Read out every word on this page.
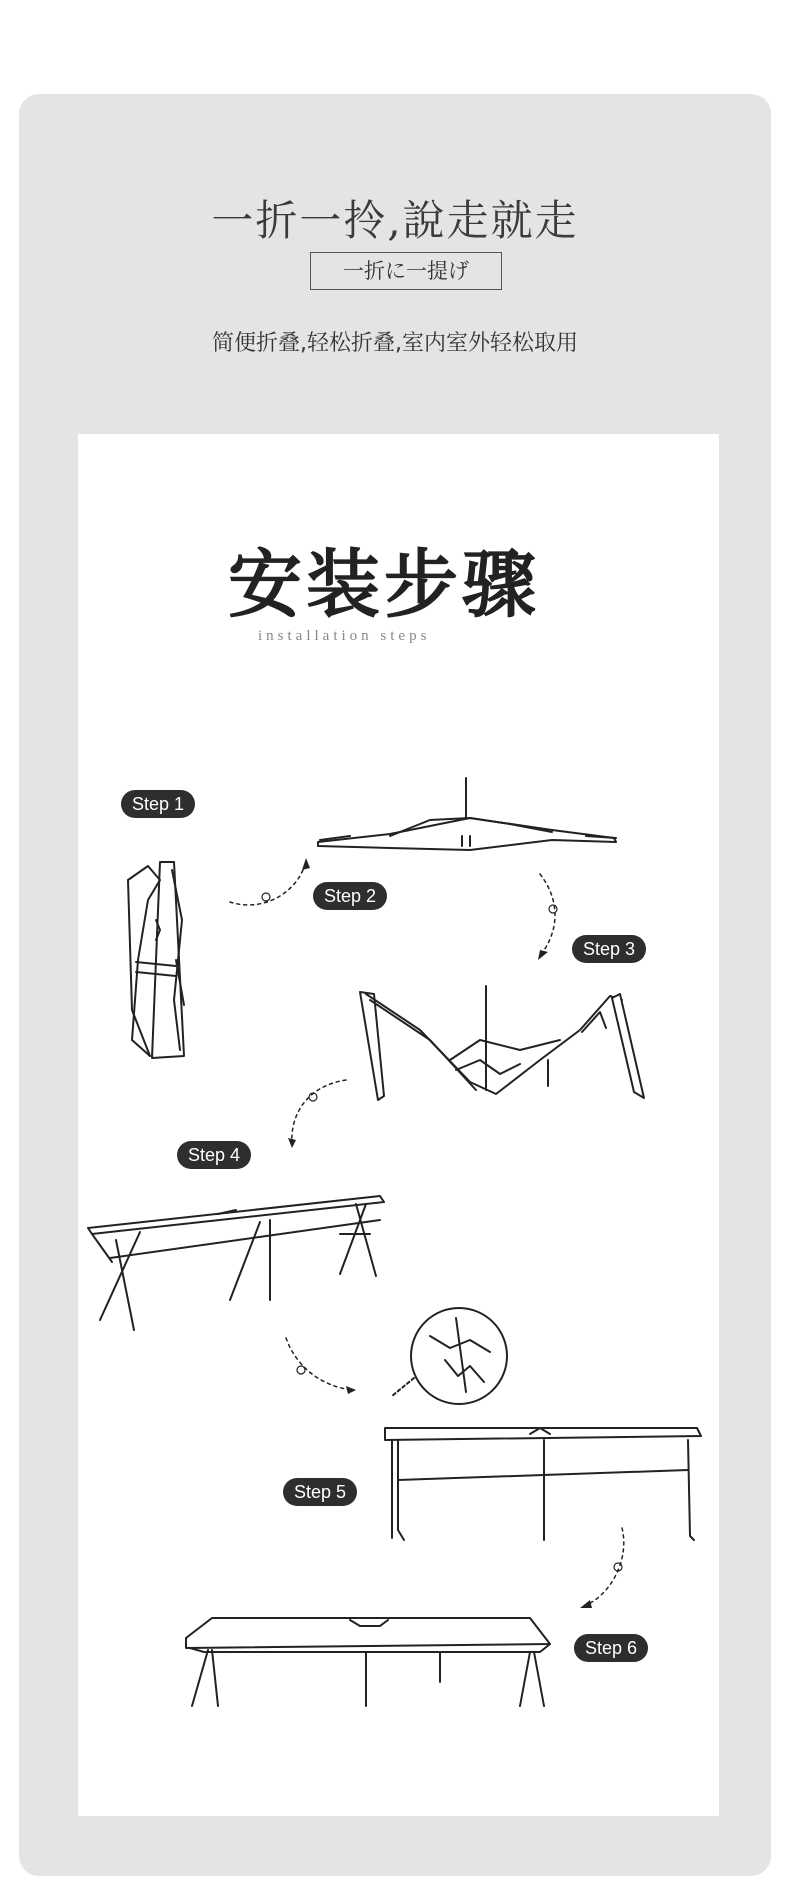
一折一拎,說走就走
一折に一提げ
简便折叠,轻松折叠,室内室外轻松取用
安装步骤
installation steps
Step 1
Step 2
Step 3
Step 4
Step 5
Step 6
